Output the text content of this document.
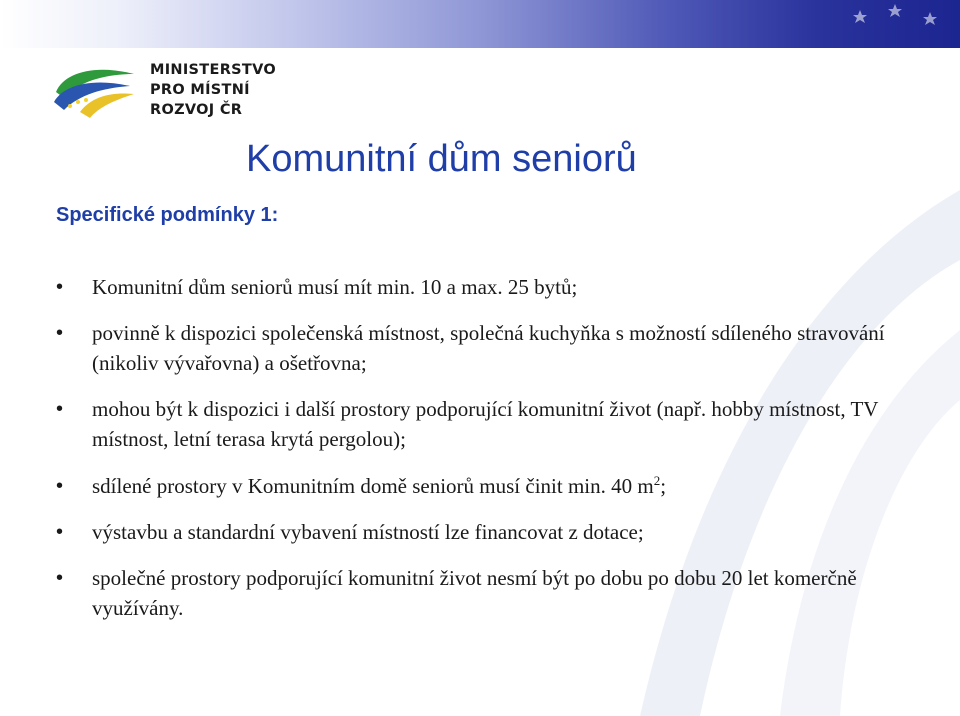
MINISTERSTVO
PRO MÍSTNÍ
ROZVOJ ČR
Komunitní dům seniorů
Specifické podmínky 1:
• Komunitní dům seniorů musí mít min. 10 a max. 25 bytů;
• povinně k dispozici společenská místnost, společná kuchyňka s možností sdíleného stravování (nikoliv vývařovna) a ošetřovna;
• mohou být k dispozici i další prostory podporující komunitní život (např. hobby místnost, TV místnost, letní terasa krytá pergolou);
• sdílené prostory v Komunitním domě seniorů musí činit min. 40 $m^2$;
• výstavbu a standardní vybavení místností lze financovat z dotace;
• společné prostory podporující komunitní život nesmí být po dobu po dobu 20 let komerčně využívány.
